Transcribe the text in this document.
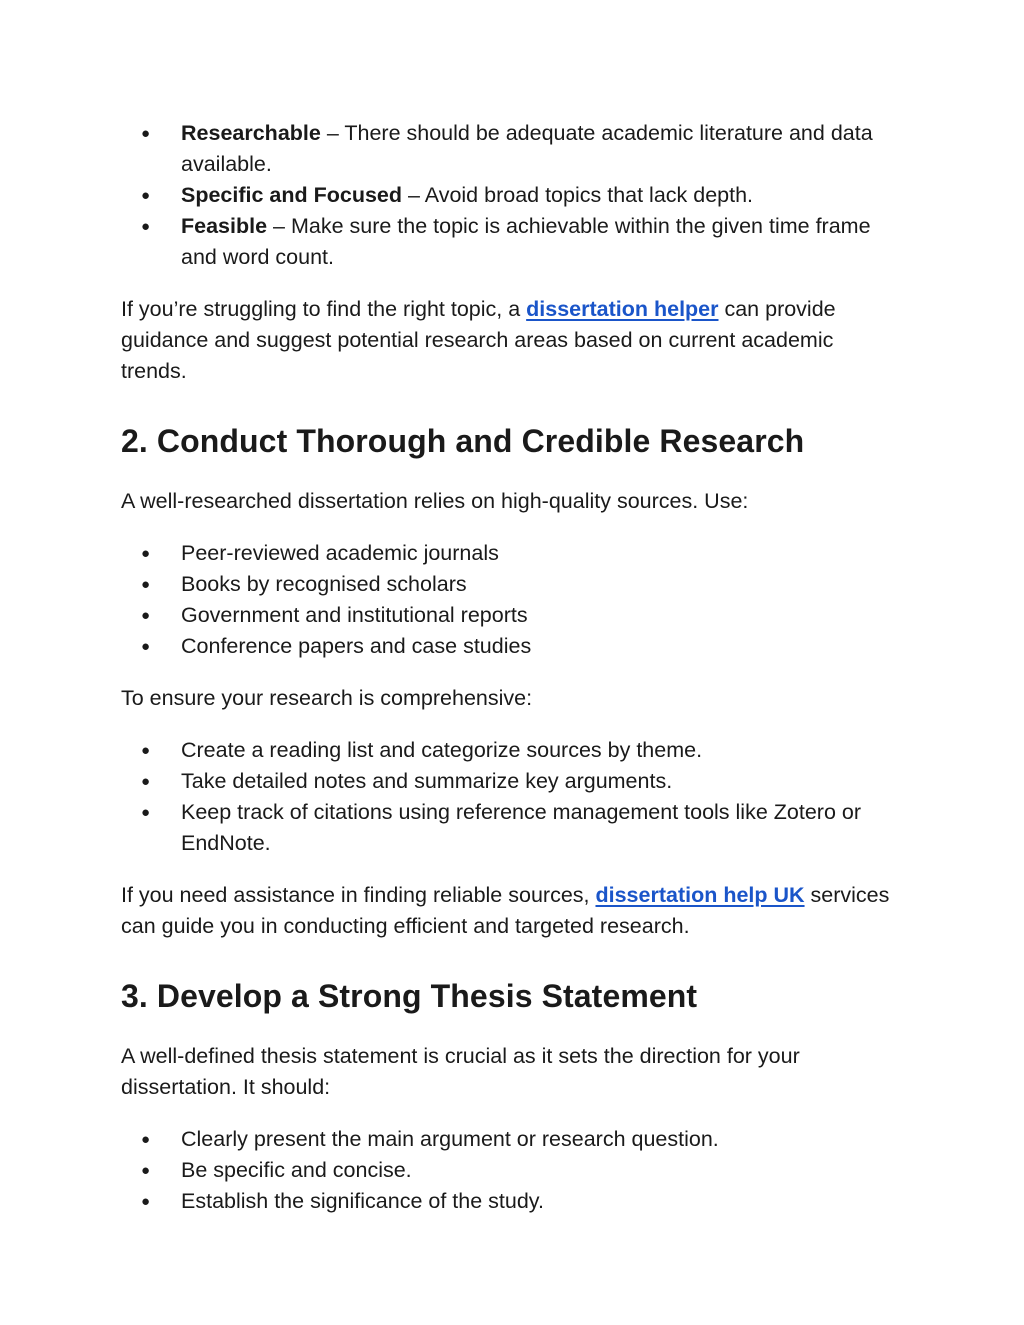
● Researchable – There should be adequate academic literature and data available.
● Specific and Focused – Avoid broad topics that lack depth.
● Feasible – Make sure the topic is achievable within the given time frame and word count.

If you’re struggling to find the right topic, a dissertation helper can provide guidance and suggest potential research areas based on current academic trends.

2. Conduct Thorough and Credible Research

A well-researched dissertation relies on high-quality sources. Use:

● Peer-reviewed academic journals
● Books by recognised scholars
● Government and institutional reports
● Conference papers and case studies

To ensure your research is comprehensive:

● Create a reading list and categorize sources by theme.
● Take detailed notes and summarize key arguments.
● Keep track of citations using reference management tools like Zotero or EndNote.

If you need assistance in finding reliable sources, dissertation help UK services can guide you in conducting efficient and targeted research.

3. Develop a Strong Thesis Statement

A well-defined thesis statement is crucial as it sets the direction for your dissertation. It should:

● Clearly present the main argument or research question.
● Be specific and concise.
● Establish the significance of the study.
